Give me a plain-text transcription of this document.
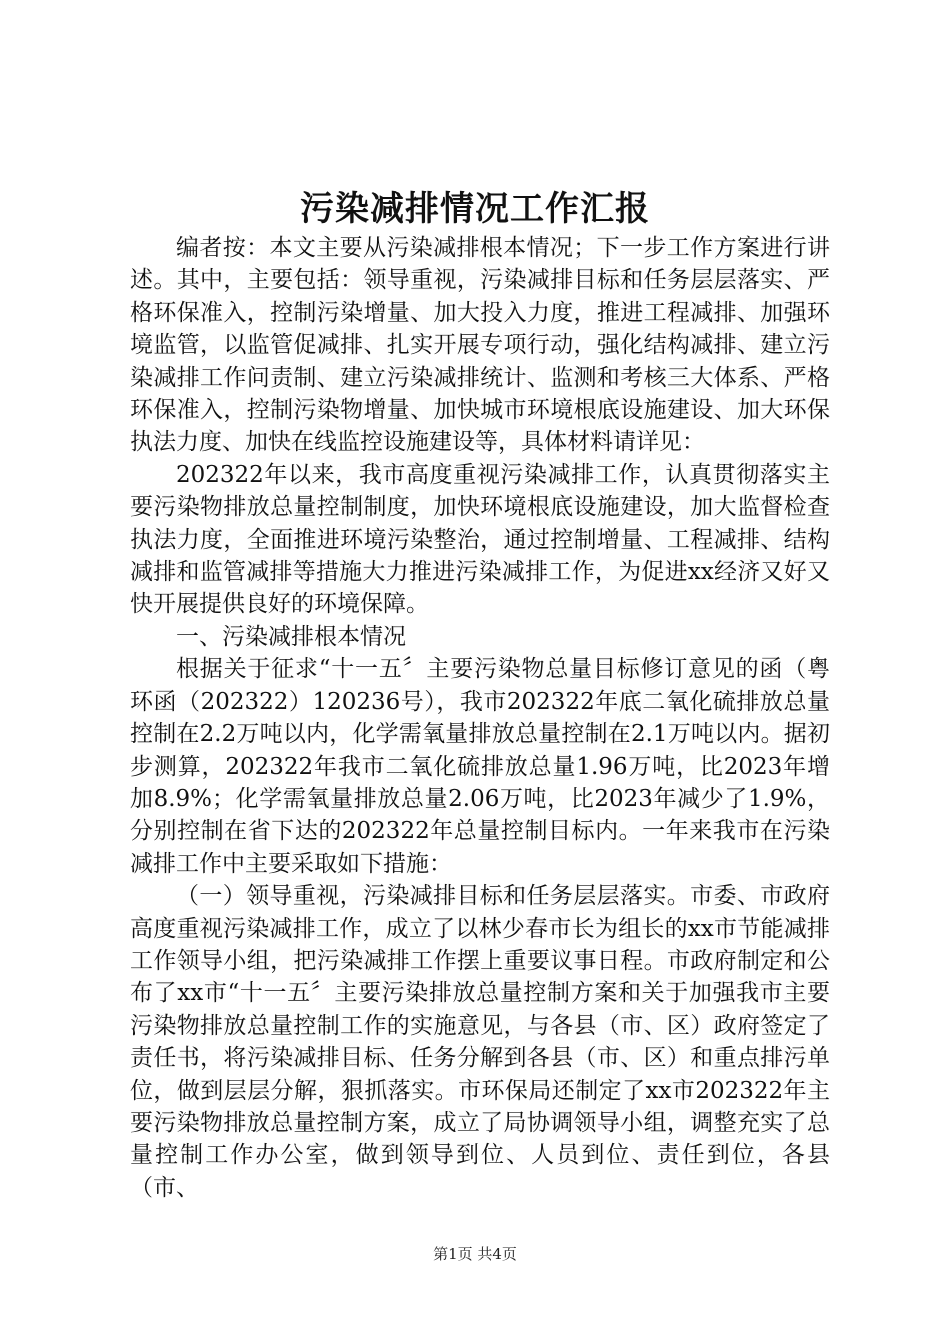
污染减排情况工作汇报

编者按：本文主要从污染减排根本情况；下一步工作方案进行讲述。其中，主要包括：领导重视，污染减排目标和任务层层落实、严格环保准入，控制污染增量、加大投入力度，推进工程减排、加强环境监管，以监管促减排、扎实开展专项行动，强化结构减排、建立污染减排工作问责制、建立污染减排统计、监测和考核三大体系、严格环保准入，控制污染物增量、加快城市环境根底设施建设、加大环保执法力度、加快在线监控设施建设等，具体材料请详见：

202322年以来，我市高度重视污染减排工作，认真贯彻落实主要污染物排放总量控制制度，加快环境根底设施建设，加大监督检查执法力度，全面推进环境污染整治，通过控制增量、工程减排、结构减排和监管减排等措施大力推进污染减排工作，为促进xx经济又好又快开展提供良好的环境保障。

一、污染减排根本情况

根据关于征求“十一五〞主要污染物总量目标修订意见的函（粤环函（202322）120236号），我市202322年底二氧化硫排放总量控制在2.2万吨以内，化学需氧量排放总量控制在2.1万吨以内。据初步测算，202322年我市二氧化硫排放总量1.96万吨，比2023年增加8.9%；化学需氧量排放总量2.06万吨，比2023年减少了1.9%，分别控制在省下达的202322年总量控制目标内。一年来我市在污染减排工作中主要采取如下措施：

（一）领导重视，污染减排目标和任务层层落实。市委、市政府高度重视污染减排工作，成立了以林少春市长为组长的xx市节能减排工作领导小组，把污染减排工作摆上重要议事日程。市政府制定和公布了xx市“十一五〞主要污染排放总量控制方案和关于加强我市主要污染物排放总量控制工作的实施意见，与各县（市、区）政府签定了责任书，将污染减排目标、任务分解到各县（市、区）和重点排污单位，做到层层分解，狠抓落实。市环保局还制定了xx市202322年主要污染物排放总量控制方案，成立了局协调领导小组，调整充实了总量控制工作办公室，做到领导到位、人员到位、责任到位，各县（市、

第1页 共4页
